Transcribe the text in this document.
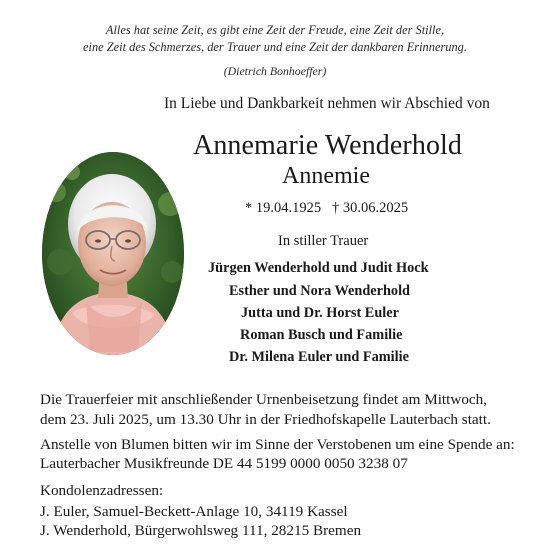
Alles hat seine Zeit, es gibt eine Zeit der Freude, eine Zeit der Stille,
eine Zeit des Schmerzes, der Trauer und eine Zeit der dankbaren Erinnerung.
(Dietrich Bonhoeffer)
In Liebe und Dankbarkeit nehmen wir Abschied von
Annemarie Wenderhold
Annemie
* 19.04.1925 † 30.06.2025
In stiller Trauer
Jürgen Wenderhold und Judit Hock
Esther und Nora Wenderhold
Jutta und Dr. Horst Euler
Roman Busch und Familie
Dr. Milena Euler und Familie
Die Trauerfeier mit anschließender Urnenbeisetzung findet am Mittwoch,
dem 23. Juli 2025, um 13.30 Uhr in der Friedhofskapelle Lauterbach statt.
Anstelle von Blumen bitten wir im Sinne der Verstobenen um eine Spende an:
Lauterbacher Musikfreunde DE 44 5199 0000 0050 3238 07
Kondolenzadressen:
J. Euler, Samuel-Beckett-Anlage 10, 34119 Kassel
J. Wenderhold, Bürgerwohlsweg 111, 28215 Bremen
